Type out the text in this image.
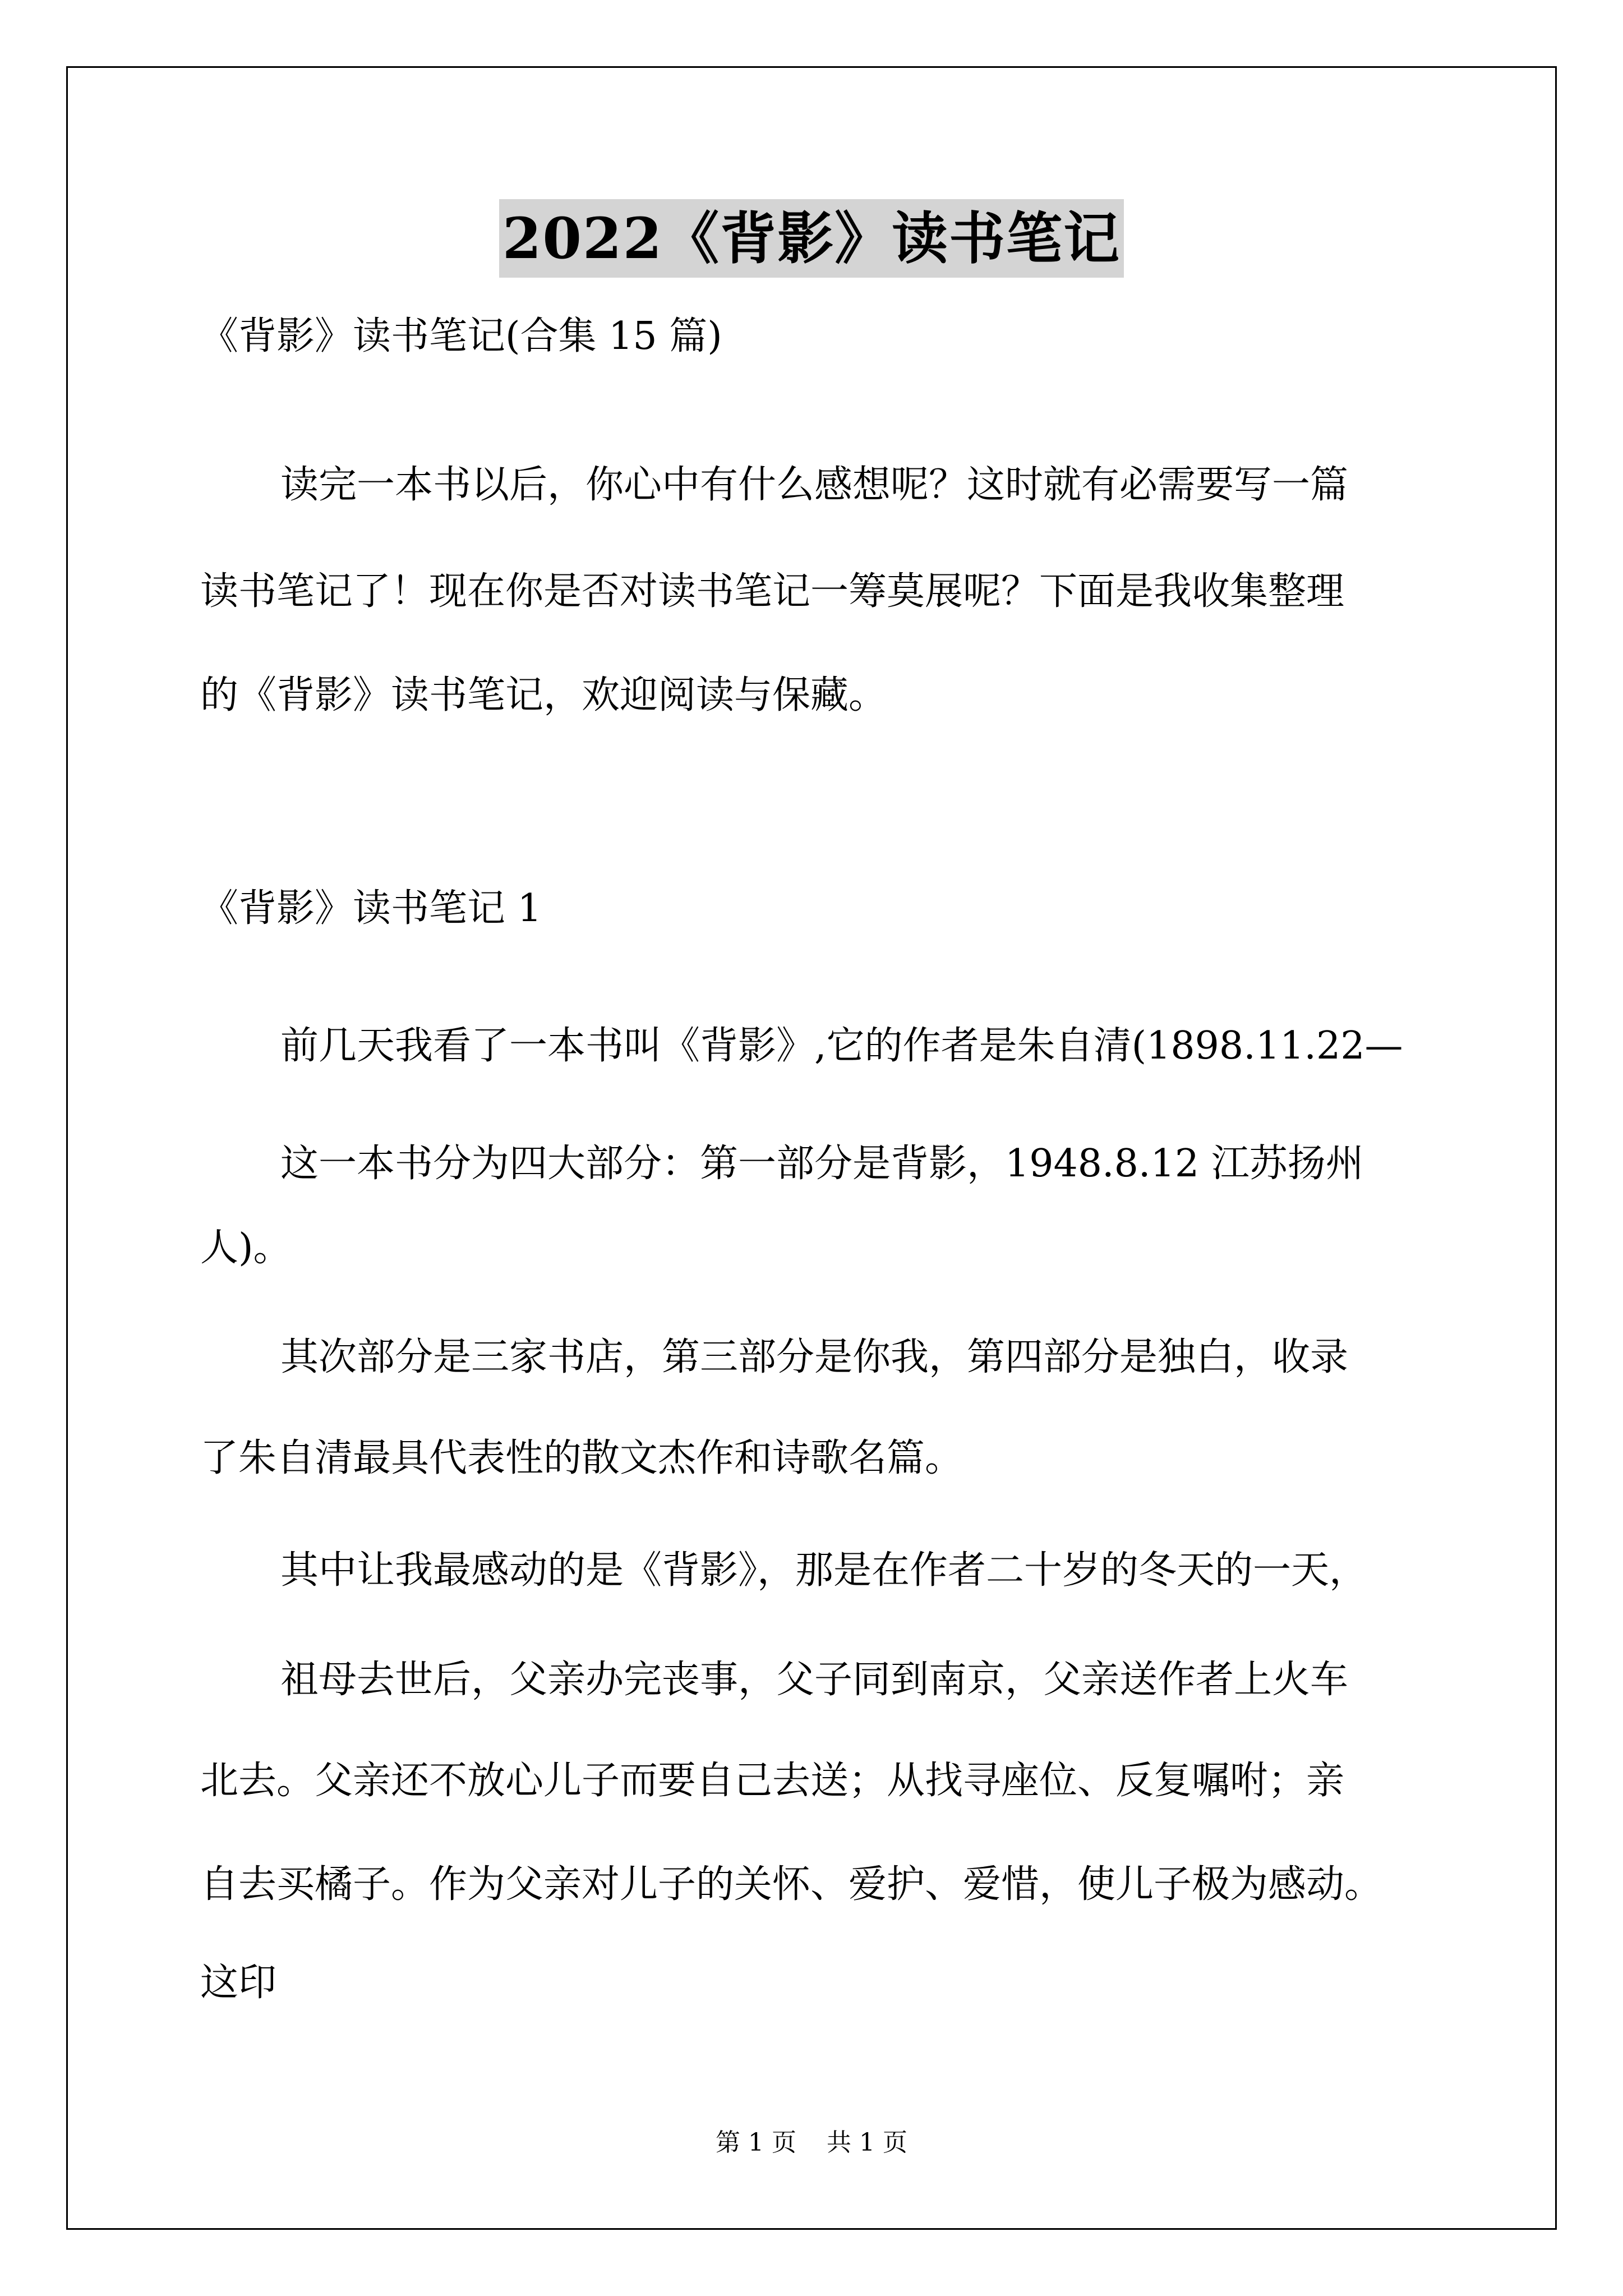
2022《背影》读书笔记
《背影》读书笔记(合集 15 篇)
读完一本书以后，你心中有什么感想呢？这时就有必需要写一篇
读书笔记了！现在你是否对读书笔记一筹莫展呢？下面是我收集整理
的《背影》读书笔记，欢迎阅读与保藏。
《背影》读书笔记 1
前几天我看了一本书叫《背影》,它的作者是朱自清(1898.11.22—
这一本书分为四大部分：第一部分是背影，1948.8.12 江苏扬州
人)。
其次部分是三家书店，第三部分是你我，第四部分是独白，收录
了朱自清最具代表性的散文杰作和诗歌名篇。
其中让我最感动的是《背影》，那是在作者二十岁的冬天的一天，
祖母去世后，父亲办完丧事，父子同到南京，父亲送作者上火车
北去。父亲还不放心儿子而要自己去送；从找寻座位、反复嘱咐；亲
自去买橘子。作为父亲对儿子的关怀、爱护、爱惜，使儿子极为感动。
这印
第 1 页 共 1 页
